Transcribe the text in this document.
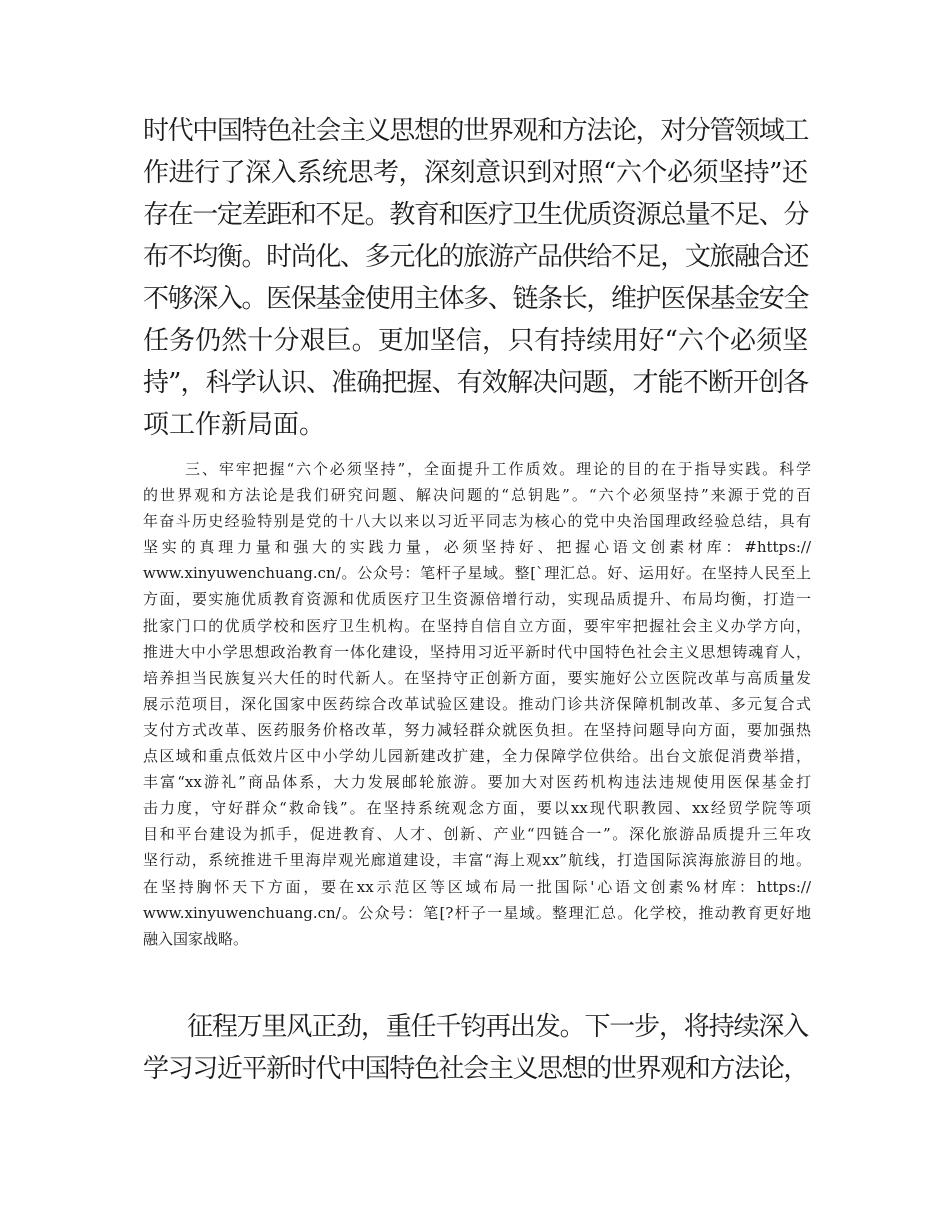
时代中国特色社会主义思想的世界观和方法论，对分管领域工
作进行了深入系统思考，深刻意识到对照“六个必须坚持”还
存在一定差距和不足。教育和医疗卫生优质资源总量不足、分
布不均衡。时尚化、多元化的旅游产品供给不足，文旅融合还
不够深入。医保基金使用主体多、链条长，维护医保基金安全
任务仍然十分艰巨。更加坚信，只有持续用好“六个必须坚
持”，科学认识、准确把握、有效解决问题，才能不断开创各
项工作新局面。
三、牢牢把握“六个必须坚持”，全面提升工作质效。理论的目的在于指导实践。科学
的世界观和方法论是我们研究问题、解决问题的“总钥匙”。“六个必须坚持”来源于党的百
年奋斗历史经验特别是党的十八大以来以习近平同志为核心的党中央治国理政经验总结，具有
坚实的真理力量和强大的实践力量，必须坚持好、把握心语文创素材库：#https://
www.xinyuwenchuang.cn/。公众号：笔杆子星域。整[`理汇总。好、运用好。在坚持人民至上
方面，要实施优质教育资源和优质医疗卫生资源倍增行动，实现品质提升、布局均衡，打造一
批家门口的优质学校和医疗卫生机构。在坚持自信自立方面，要牢牢把握社会主义办学方向，
推进大中小学思想政治教育一体化建设，坚持用习近平新时代中国特色社会主义思想铸魂育人，
培养担当民族复兴大任的时代新人。在坚持守正创新方面，要实施好公立医院改革与高质量发
展示范项目，深化国家中医药综合改革试验区建设。推动门诊共济保障机制改革、多元复合式
支付方式改革、医药服务价格改革，努力减轻群众就医负担。在坚持问题导向方面，要加强热
点区域和重点低效片区中小学幼儿园新建改扩建，全力保障学位供给。出台文旅促消费举措，
丰富“xx游礼”商品体系，大力发展邮轮旅游。要加大对医药机构违法违规使用医保基金打
击力度，守好群众“救命钱”。在坚持系统观念方面，要以xx现代职教园、xx经贸学院等项
目和平台建设为抓手，促进教育、人才、创新、产业“四链合一”。深化旅游品质提升三年攻
坚行动，系统推进千里海岸观光廊道建设，丰富“海上观xx”航线，打造国际滨海旅游目的地。
在坚持胸怀天下方面，要在xx示范区等区域布局一批国际'心语文创素%材库：https://
www.xinyuwenchuang.cn/。公众号：笔[?杆子一星域。整理汇总。化学校，推动教育更好地
融入国家战略。
征程万里风正劲，重任千钧再出发。下一步，将持续深入
学习习近平新时代中国特色社会主义思想的世界观和方法论，
